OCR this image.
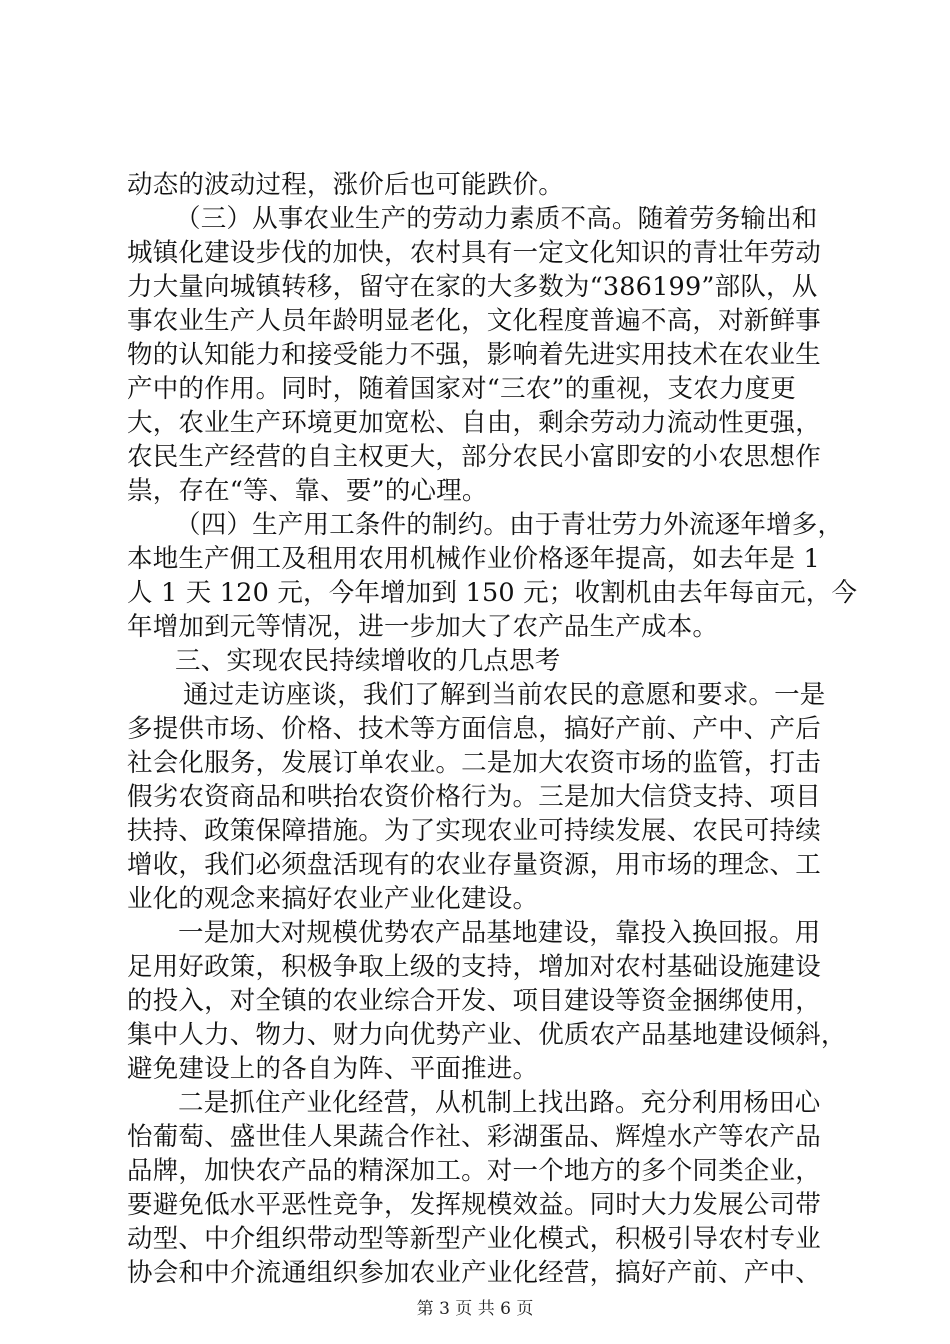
动态的波动过程，涨价后也可能跌价。
（三）从事农业生产的劳动力素质不高。随着劳务输出和
城镇化建设步伐的加快，农村具有一定文化知识的青壮年劳动
力大量向城镇转移，留守在家的大多数为“386199”部队，从
事农业生产人员年龄明显老化，文化程度普遍不高，对新鲜事
物的认知能力和接受能力不强，影响着先进实用技术在农业生
产中的作用。同时，随着国家对“三农”的重视，支农力度更
大，农业生产环境更加宽松、自由，剩余劳动力流动性更强，
农民生产经营的自主权更大，部分农民小富即安的小农思想作
祟，存在“等、靠、要”的心理。
（四）生产用工条件的制约。由于青壮劳力外流逐年增多，
本地生产佣工及租用农用机械作业价格逐年提高，如去年是 1
人 1 天 120 元，今年增加到 150 元；收割机由去年每亩元，今
年增加到元等情况，进一步加大了农产品生产成本。
三、实现农民持续增收的几点思考
通过走访座谈，我们了解到当前农民的意愿和要求。一是
多提供市场、价格、技术等方面信息，搞好产前、产中、产后
社会化服务，发展订单农业。二是加大农资市场的监管，打击
假劣农资商品和哄抬农资价格行为。三是加大信贷支持、项目
扶持、政策保障措施。为了实现农业可持续发展、农民可持续
增收，我们必须盘活现有的农业存量资源，用市场的理念、工
业化的观念来搞好农业产业化建设。
一是加大对规模优势农产品基地建设，靠投入换回报。用
足用好政策，积极争取上级的支持，增加对农村基础设施建设
的投入，对全镇的农业综合开发、项目建设等资金捆绑使用，
集中人力、物力、财力向优势产业、优质农产品基地建设倾斜，
避免建设上的各自为阵、平面推进。
二是抓住产业化经营，从机制上找出路。充分利用杨田心
怡葡萄、盛世佳人果蔬合作社、彩湖蛋品、辉煌水产等农产品
品牌，加快农产品的精深加工。对一个地方的多个同类企业，
要避免低水平恶性竞争，发挥规模效益。同时大力发展公司带
动型、中介组织带动型等新型产业化模式，积极引导农村专业
协会和中介流通组织参加农业产业化经营，搞好产前、产中、
第 3 页 共 6 页
